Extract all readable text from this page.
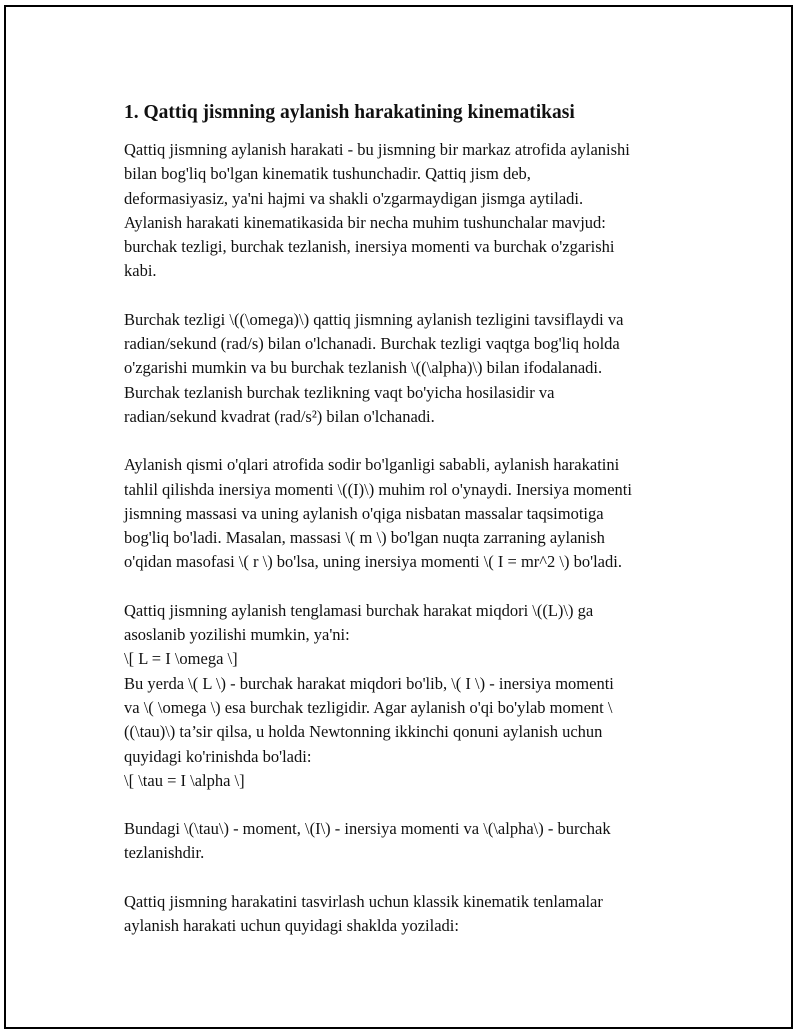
1. Qattiq jismning aylanish harakatining kinematikasi

Qattiq jismning aylanish harakati - bu jismning bir markaz atrofida aylanishi
bilan bog'liq bo'lgan kinematik tushunchadir. Qattiq jism deb,
deformasiyasiz, ya'ni hajmi va shakli o'zgarmaydigan jismga aytiladi.
Aylanish harakati kinematikasida bir necha muhim tushunchalar mavjud:
burchak tezligi, burchak tezlanish, inersiya momenti va burchak o'zgarishi
kabi.

Burchak tezligi \((\omega)\) qattiq jismning aylanish tezligini tavsiflaydi va
radian/sekund (rad/s) bilan o'lchanadi. Burchak tezligi vaqtga bog'liq holda
o'zgarishi mumkin va bu burchak tezlanish \((\alpha)\) bilan ifodalanadi.
Burchak tezlanish burchak tezlikning vaqt bo'yicha hosilasidir va
radian/sekund kvadrat (rad/s²) bilan o'lchanadi.

Aylanish qismi o'qlari atrofida sodir bo'lganligi sababli, aylanish harakatini
tahlil qilishda inersiya momenti \((I)\) muhim rol o'ynaydi. Inersiya momenti
jismning massasi va uning aylanish o'qiga nisbatan massalar taqsimotiga
bog'liq bo'ladi. Masalan, massasi \( m \) bo'lgan nuqta zarraning aylanish
o'qidan masofasi \( r \) bo'lsa, uning inersiya momenti \( I = mr^2 \) bo'ladi.

Qattiq jismning aylanish tenglamasi burchak harakat miqdori \((L)\) ga
asoslanib yozilishi mumkin, ya'ni:
\[ L = I \omega \]
Bu yerda \( L \) - burchak harakat miqdori bo'lib, \( I \) - inersiya momenti
va \( \omega \) esa burchak tezligidir. Agar aylanish o'qi bo'ylab moment \
((\tau)\) ta’sir qilsa, u holda Newtonning ikkinchi qonuni aylanish uchun
quyidagi ko'rinishda bo'ladi:
\[ \tau = I \alpha \]

Bundagi \(\tau\) - moment, \(I\) - inersiya momenti va \(\alpha\) - burchak
tezlanishdir.

Qattiq jismning harakatini tasvirlash uchun klassik kinematik tenlamalar
aylanish harakati uchun quyidagi shaklda yoziladi:
